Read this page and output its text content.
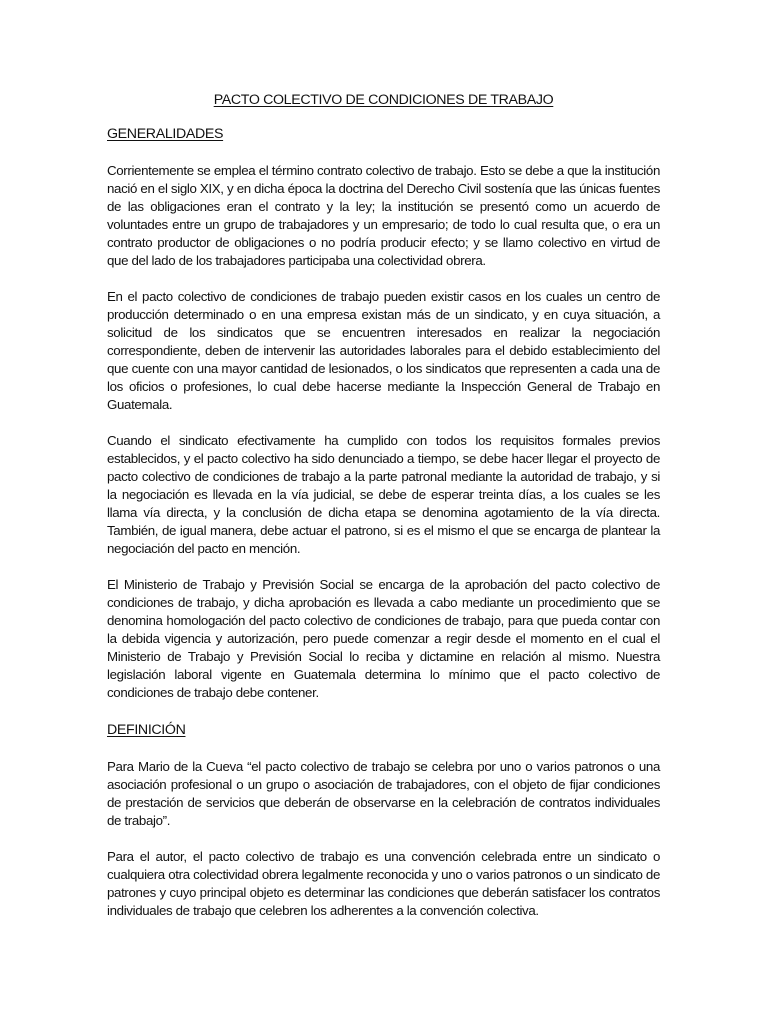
PACTO COLECTIVO DE CONDICIONES DE TRABAJO
GENERALIDADES

Corrientemente se emplea el término contrato colectivo de trabajo. Esto se debe a que la institución nació en el siglo XIX, y en dicha época la doctrina del Derecho Civil sostenía que las únicas fuentes de las obligaciones eran el contrato y la ley; la institución se presentó como un acuerdo de voluntades entre un grupo de trabajadores y un empresario; de todo lo cual resulta que, o era un contrato productor de obligaciones o no podría producir efecto; y se llamo colectivo en virtud de que del lado de los trabajadores participaba una colectividad obrera.

En el pacto colectivo de condiciones de trabajo pueden existir casos en los cuales un centro de producción determinado o en una empresa existan más de un sindicato, y en cuya situación, a solicitud de los sindicatos que se encuentren interesados en realizar la negociación correspondiente, deben de intervenir las autoridades laborales para el debido establecimiento del que cuente con una mayor cantidad de lesionados, o los sindicatos que representen a cada una de los oficios o profesiones, lo cual debe hacerse mediante la Inspección General de Trabajo en Guatemala.

Cuando el sindicato efectivamente ha cumplido con todos los requisitos formales previos establecidos, y el pacto colectivo ha sido denunciado a tiempo, se debe hacer llegar el proyecto de pacto colectivo de condiciones de trabajo a la parte patronal mediante la autoridad de trabajo, y si la negociación es llevada en la vía judicial, se debe de esperar treinta días, a los cuales se les llama vía directa, y la conclusión de dicha etapa se denomina agotamiento de la vía directa. También, de igual manera, debe actuar el patrono, si es el mismo el que se encarga de plantear la negociación del pacto en mención.

El Ministerio de Trabajo y Previsión Social se encarga de la aprobación del pacto colectivo de condiciones de trabajo, y dicha aprobación es llevada a cabo mediante un procedimiento que se denomina homologación del pacto colectivo de condiciones de trabajo, para que pueda contar con la debida vigencia y autorización, pero puede comenzar a regir desde el momento en el cual el Ministerio de Trabajo y Previsión Social lo reciba y dictamine en relación al mismo. Nuestra legislación laboral vigente en Guatemala determina lo mínimo que el pacto colectivo de condiciones de trabajo debe contener.

DEFINICIÓN

Para Mario de la Cueva “el pacto colectivo de trabajo se celebra por uno o varios patronos o una asociación profesional o un grupo o asociación de trabajadores, con el objeto de fijar condiciones de prestación de servicios que deberán de observarse en la celebración de contratos individuales de trabajo”.

Para el autor, el pacto colectivo de trabajo es una convención celebrada entre un sindicato o cualquiera otra colectividad obrera legalmente reconocida y uno o varios patronos o un sindicato de patrones y cuyo principal objeto es determinar las condiciones que deberán satisfacer los contratos individuales de trabajo que celebren los adherentes a la convención colectiva.
